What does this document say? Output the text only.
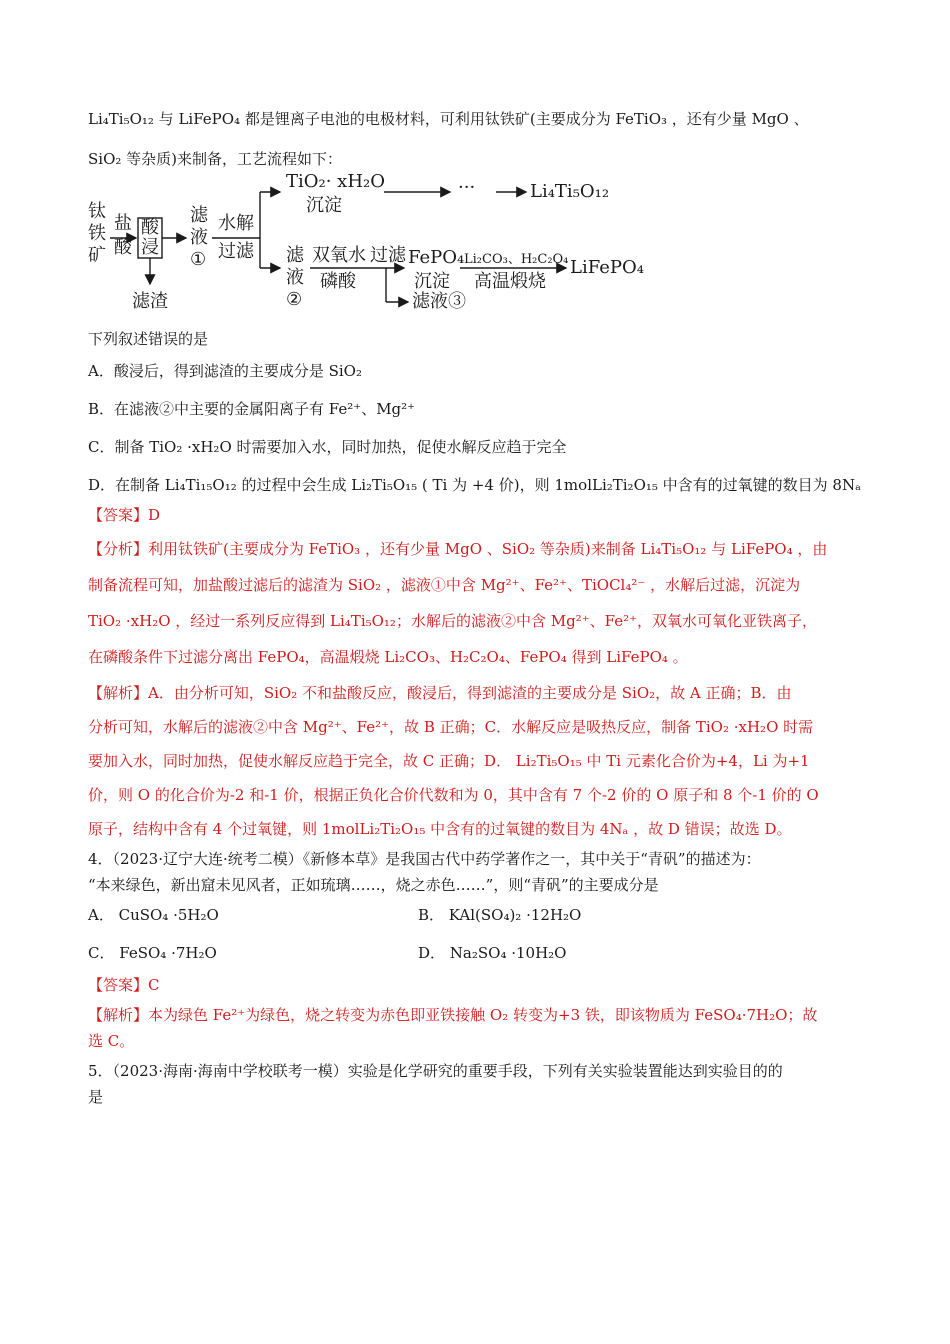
Li₄Ti₅O₁₂ 与 LiFePO₄ 都是锂离子电池的电极材料，可利用钛铁矿(主要成分为 FeTiO₃ ，还有少量 MgO 、
SiO₂ 等杂质)来制备，工艺流程如下：
钛
铁
矿
盐
酸
酸
浸
滤渣
滤
液
①
水解
过滤
TiO₂· xH₂O
沉淀
···	Li₄Ti₅O₁₂
滤
液
②
双氧水
磷酸
过滤 FePO₄
沉淀
Li₂CO₃、H₂C₂O₄
高温煅烧
LiFePO₄
滤液③
下列叙述错误的是
A．酸浸后，得到滤渣的主要成分是 SiO₂
B．在滤液②中主要的金属阳离子有 Fe²⁺、Mg²⁺
C．制备 TiO₂ ·xH₂O 时需要加入水，同时加热，促使水解反应趋于完全
D．在制备 Li₄Ti₁₅O₁₂ 的过程中会生成 Li₂Ti₅O₁₅ ( Ti 为 +4 价)，则 1molLi₂Ti₂O₁₅ 中含有的过氧键的数目为 8Nₐ
【答案】D
【分析】利用钛铁矿(主要成分为 FeTiO₃ ，还有少量 MgO 、SiO₂ 等杂质)来制备 Li₄Ti₅O₁₂ 与 LiFePO₄ ，由
制备流程可知，加盐酸过滤后的滤渣为 SiO₂ ，滤液①中含 Mg²⁺、Fe²⁺、TiOCl₄²⁻ ，水解后过滤，沉淀为
TiO₂ ·xH₂O ，经过一系列反应得到 Li₄Ti₅O₁₂；水解后的滤液②中含 Mg²⁺、Fe²⁺，双氧水可氧化亚铁离子，
在磷酸条件下过滤分离出 FePO₄，高温煅烧 Li₂CO₃、H₂C₂O₄、FePO₄ 得到 LiFePO₄ 。
【解析】A．由分析可知，SiO₂ 不和盐酸反应，酸浸后，得到滤渣的主要成分是 SiO₂，故 A 正确；B．由
分析可知，水解后的滤液②中含 Mg²⁺、Fe²⁺，故 B 正确；C．水解反应是吸热反应，制备 TiO₂ ·xH₂O 时需
要加入水，同时加热，促使水解反应趋于完全，故 C 正确；D． Li₂Ti₅O₁₅ 中 Ti 元素化合价为+4，Li 为+1
价，则 O 的化合价为-2 和-1 价，根据正负化合价代数和为 0，其中含有 7 个-2 价的 O 原子和 8 个-1 价的 O
原子，结构中含有 4 个过氧键，则 1molLi₂Ti₂O₁₅ 中含有的过氧键的数目为 4Nₐ ，故 D 错误；故选 D。
4．（2023·辽宁大连·统考二模）《新修本草》是我国古代中药学著作之一，其中关于“青矾”的描述为：
“本来绿色，新出窟未见风者，正如琉璃……，烧之赤色……”，则“青矾”的主要成分是
A． CuSO₄ ·5H₂O	B． KAl(SO₄)₂ ·12H₂O
C． FeSO₄ ·7H₂O	D． Na₂SO₄ ·10H₂O
【答案】C
【解析】本为绿色 Fe²⁺为绿色，烧之转变为赤色即亚铁接触 O₂ 转变为+3 铁，即该物质为 FeSO₄·7H₂O；故
选 C。
5．（2023·海南·海南中学校联考一模）实验是化学研究的重要手段，下列有关实验装置能达到实验目的的
是
